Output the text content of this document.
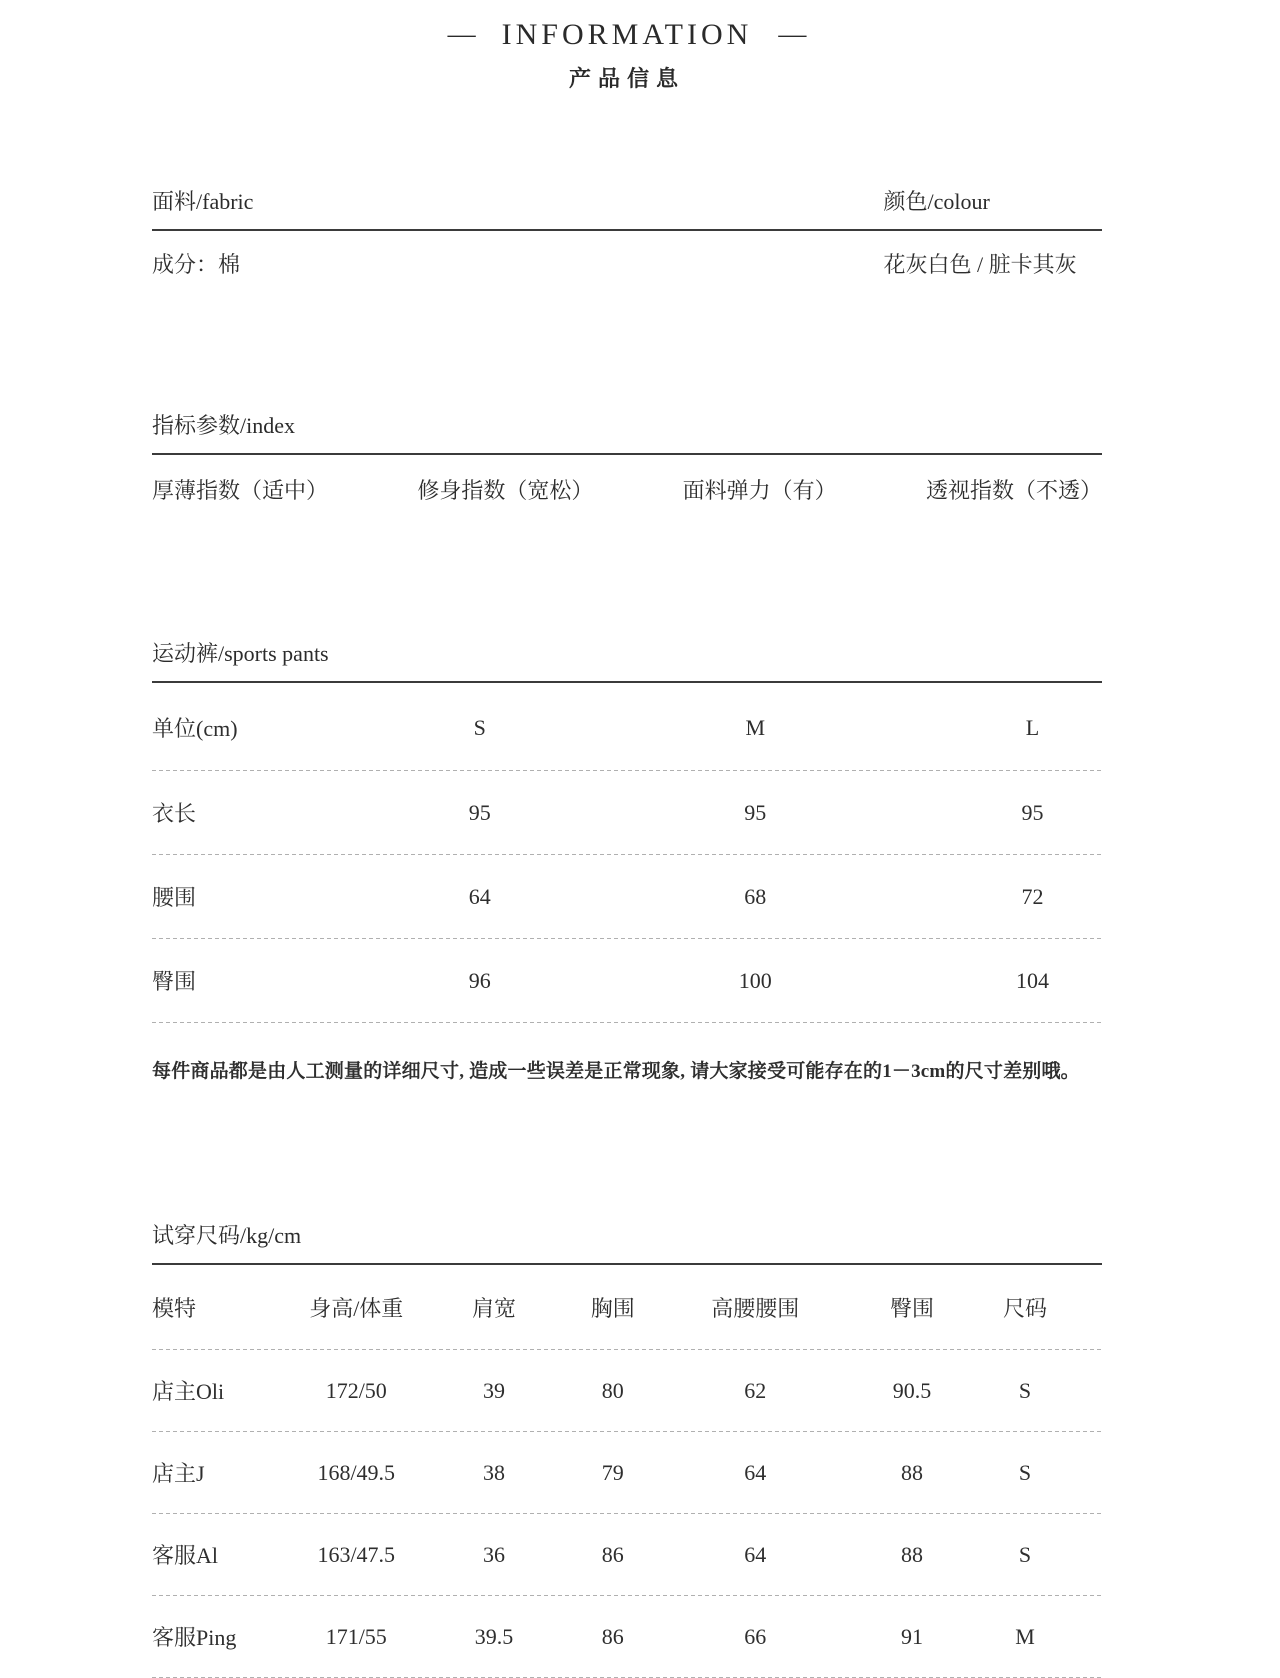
— INFORMATION —
产品信息
面料/fabric	颜色/colour
成分：棉	花灰白色 / 脏卡其灰
指标参数/index
厚薄指数（适中）	修身指数（宽松）	面料弹力（有）	透视指数（不透）
运动裤/sports pants
单位(cm)	S	M	L
衣长	95	95	95
腰围	64	68	72
臀围	96	100	104
每件商品都是由人工测量的详细尺寸, 造成一些误差是正常现象, 请大家接受可能存在的1－3cm的尺寸差别哦。
试穿尺码/kg/cm
模特	身高/体重	肩宽	胸围	高腰腰围	臀围	尺码
店主Oli	172/50	39	80	62	90.5	S
店主J	168/49.5	38	79	64	88	S
客服Al	163/47.5	36	86	64	88	S
客服Ping	171/55	39.5	86	66	91	M
